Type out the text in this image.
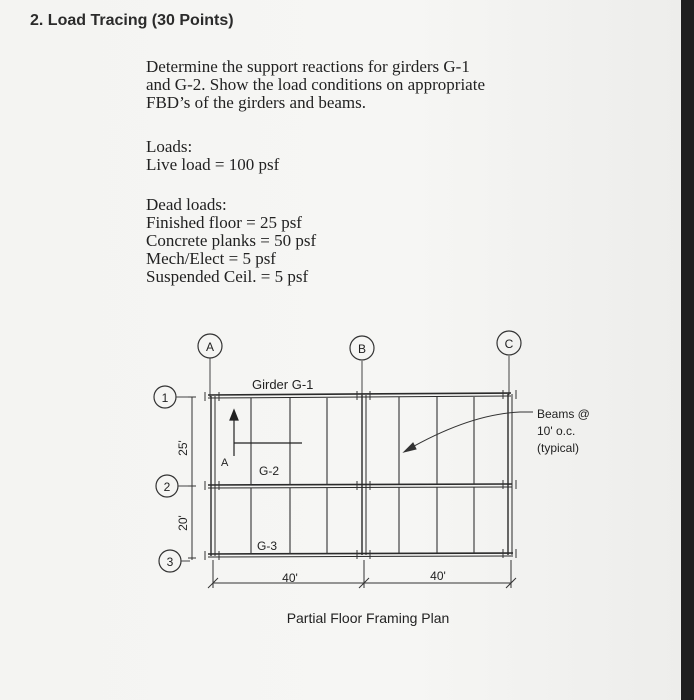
2. Load Tracing (30 Points)
Determine the support reactions for girders G-1
and G-2. Show the load conditions on appropriate
FBD’s of the girders and beams.
Loads:
Live load = 100 psf
Dead loads:
Finished floor = 25 psf
Concrete planks = 50 psf
Mech/Elect = 5 psf
Suspended Ceil. = 5 psf
A	B	C
1
2
3
25'
20'
A
Girder G-1
G-2
G-3
Beams @
10' o.c.
(typical)
40'	40'
Partial Floor Framing Plan
